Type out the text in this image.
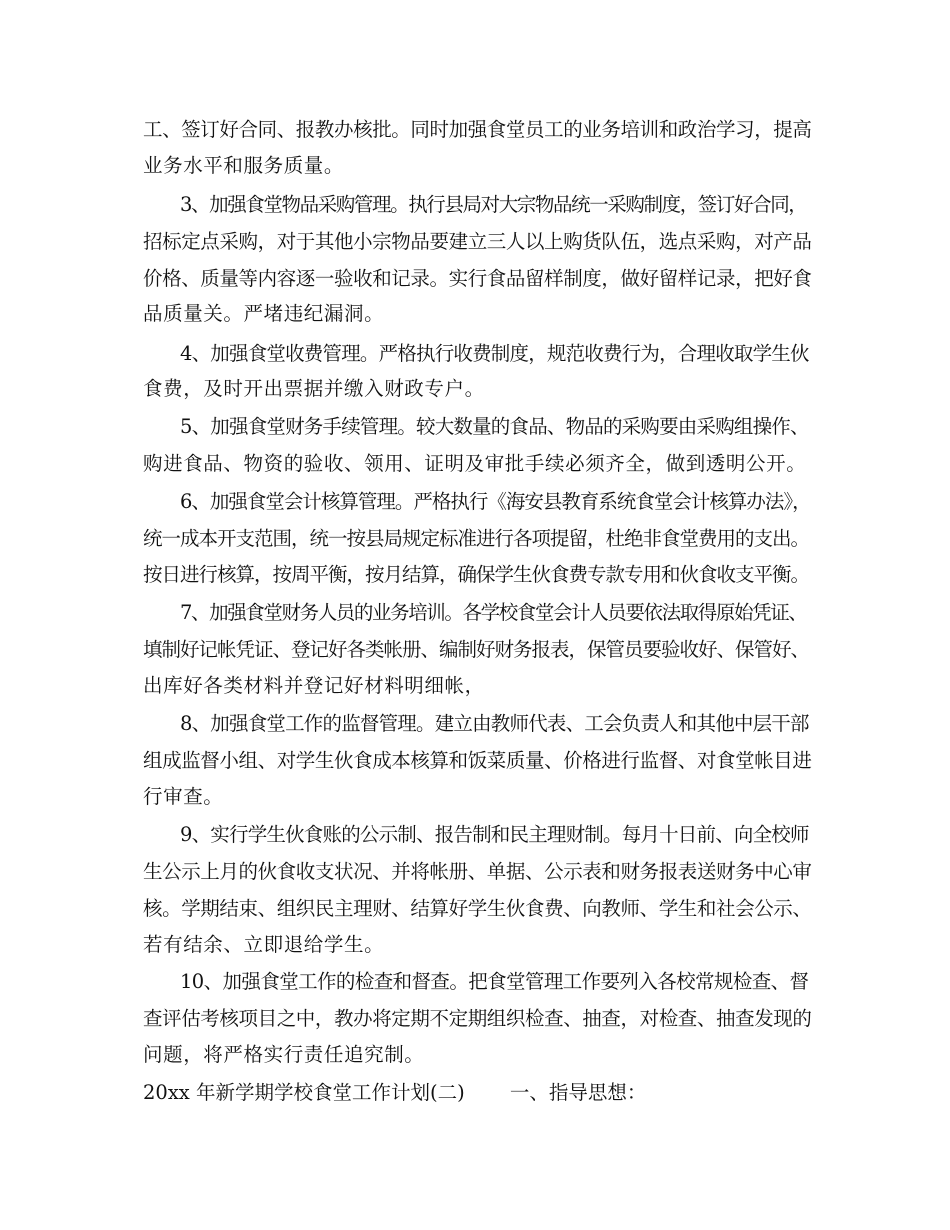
工、签订好合同、报教办核批。同时加强食堂员工的业务培训和政治学习，提高
业务水平和服务质量。
3、加强食堂物品采购管理。执行县局对大宗物品统一采购制度，签订好合同，
招标定点采购，对于其他小宗物品要建立三人以上购货队伍，选点采购，对产品
价格、质量等内容逐一验收和记录。实行食品留样制度，做好留样记录，把好食
品质量关。严堵违纪漏洞。
4、加强食堂收费管理。严格执行收费制度，规范收费行为，合理收取学生伙
食费，及时开出票据并缴入财政专户。
5、加强食堂财务手续管理。较大数量的食品、物品的采购要由采购组操作、
购进食品、物资的验收、领用、证明及审批手续必须齐全，做到透明公开。
6、加强食堂会计核算管理。严格执行《海安县教育系统食堂会计核算办法》，
统一成本开支范围，统一按县局规定标准进行各项提留，杜绝非食堂费用的支出。
按日进行核算，按周平衡，按月结算，确保学生伙食费专款专用和伙食收支平衡。
7、加强食堂财务人员的业务培训。各学校食堂会计人员要依法取得原始凭证、
填制好记帐凭证、登记好各类帐册、编制好财务报表，保管员要验收好、保管好、
出库好各类材料并登记好材料明细帐，
8、加强食堂工作的监督管理。建立由教师代表、工会负责人和其他中层干部
组成监督小组、对学生伙食成本核算和饭菜质量、价格进行监督、对食堂帐目进
行审查。
9、实行学生伙食账的公示制、报告制和民主理财制。每月十日前、向全校师
生公示上月的伙食收支状况、并将帐册、单据、公示表和财务报表送财务中心审
核。学期结束、组织民主理财、结算好学生伙食费、向教师、学生和社会公示、
若有结余、立即退给学生。
10、加强食堂工作的检查和督查。把食堂管理工作要列入各校常规检查、督
查评估考核项目之中，教办将定期不定期组织检查、抽查，对检查、抽查发现的
问题，将严格实行责任追究制。
20xx 年新学期学校食堂工作计划(二)　　 一、指导思想：
